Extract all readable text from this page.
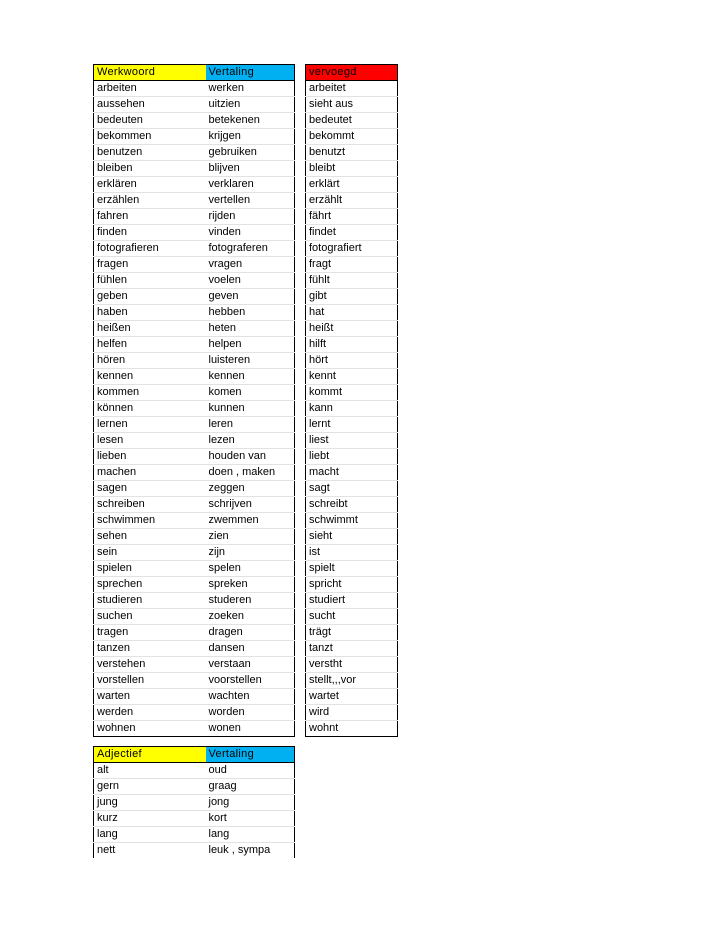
Werkwoord	Vertaling		vervoegd
arbeiten	werken		arbeitet
aussehen	uitzien		sieht aus
bedeuten	betekenen		bedeutet
bekommen	krijgen		bekommt
benutzen	gebruiken		benutzt
bleiben	blijven		bleibt
erklären	verklaren		erklärt
erzählen	vertellen		erzählt
fahren	rijden		fährt
finden	vinden		findet
fotografieren	fotograferen		fotografiert
fragen	vragen		fragt
fühlen	voelen		fühlt
geben	geven		gibt
haben	hebben		hat
heißen	heten		heißt
helfen	helpen		hilft
hören	luisteren		hört
kennen	kennen		kennt
kommen	komen		kommt
können	kunnen		kann
lernen	leren		lernt
lesen	lezen		liest
lieben	houden van		liebt
machen	doen , maken		macht
sagen	zeggen		sagt
schreiben	schrijven		schreibt
schwimmen	zwemmen		schwimmt
sehen	zien		sieht
sein	zijn		ist
spielen	spelen		spielt
sprechen	spreken		spricht
studieren	studeren		studiert
suchen	zoeken		sucht
tragen	dragen		trägt
tanzen	dansen		tanzt
verstehen	verstaan		verstht
vorstellen	voorstellen		stellt,,,vor
warten	wachten		wartet
werden	worden		wird
wohnen	wonen		wohnt
Adjectief	Vertaling
alt	oud
gern	graag
jung	jong
kurz	kort
lang	lang
nett	leuk , sympa
